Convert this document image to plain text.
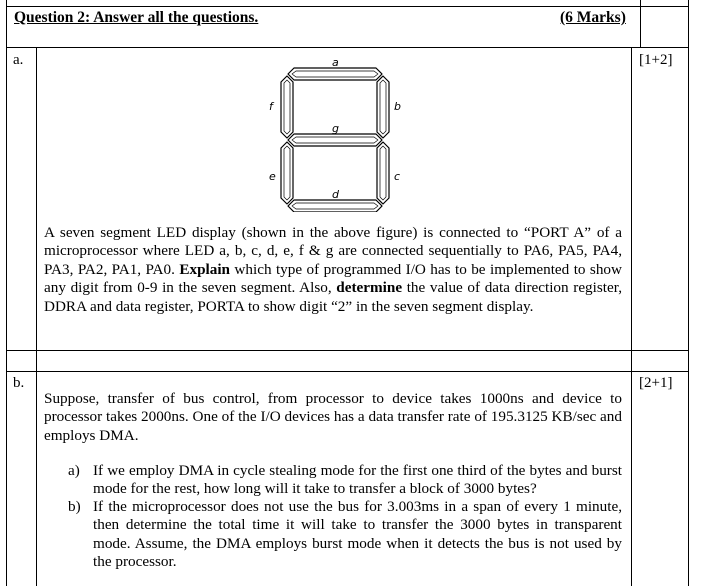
Question 2: Answer all the questions.	(6 Marks)
a.	[1+2]
a
f	b
g
e	c
d
A seven segment LED display (shown in the above figure) is connected to “PORT A” of a microprocessor where LED a, b, c, d, e, f & g are connected sequentially to PA6, PA5, PA4, PA3, PA2, PA1, PA0. Explain which type of programmed I/O has to be implemented to show any digit from 0-9 in the seven segment. Also, determine the value of data direction register, DDRA and data register, PORTA to show digit “2” in the seven segment display.
b.	[2+1]
Suppose, transfer of bus control, from processor to device takes 1000ns and device to processor takes 2000ns. One of the I/O devices has a data transfer rate of 195.3125 KB/sec and employs DMA.
a) If we employ DMA in cycle stealing mode for the first one third of the bytes and burst mode for the rest, how long will it take to transfer a block of 3000 bytes?
b) If the microprocessor does not use the bus for 3.003ms in a span of every 1 minute, then determine the total time it will take to transfer the 3000 bytes in transparent mode. Assume, the DMA employs burst mode when it detects the bus is not used by the processor.
